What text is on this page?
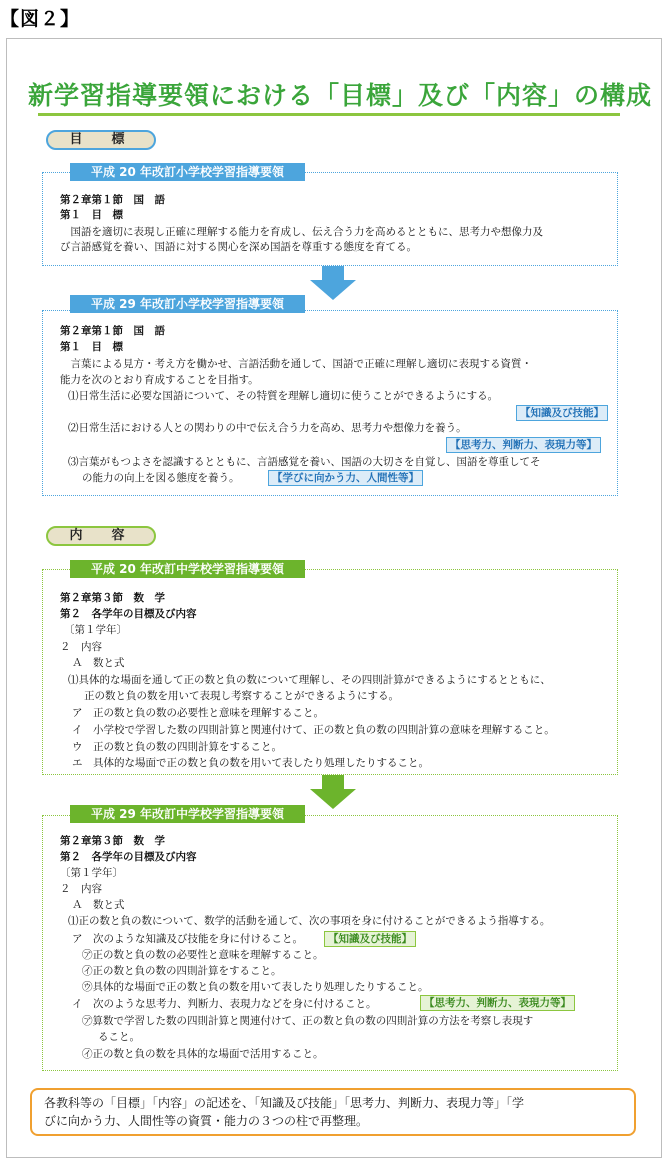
【図２】
新学習指導要領における「目標」及び「内容」の構成
目　標
平成 20 年改訂小学校学習指導要領
第２章第１節　国　語
第１　目　標
　国語を適切に表現し正確に理解する能力を育成し、伝え合う力を高めるとともに、思考力や想像力及
び言語感覚を養い、国語に対する関心を深め国語を尊重する態度を育てる。
平成 29 年改訂小学校学習指導要領
第２章第１節　国　語
第１　目　標
　言葉による見方・考え方を働かせ、言語活動を通して、国語で正確に理解し適切に表現する資質・
能力を次のとおり育成することを目指す。
⑴日常生活に必要な国語について、その特質を理解し適切に使うことができるようにする。
【知識及び技能】
⑵日常生活における人との関わりの中で伝え合う力を高め、思考力や想像力を養う。
【思考力、判断力、表現力等】
⑶言葉がもつよさを認識するとともに、言語感覚を養い、国語の大切さを自覚し、国語を尊重してそ
の能力の向上を図る態度を養う。	【学びに向かう力、人間性等】
内　容
平成 20 年改訂中学校学習指導要領
第２章第３節　数　学
第２　各学年の目標及び内容
〔第１学年〕
２　内容
Ａ　数と式
⑴具体的な場面を通して正の数と負の数について理解し、その四則計算ができるようにするとともに、
正の数と負の数を用いて表現し考察することができるようにする。
ア　正の数と負の数の必要性と意味を理解すること。
イ　小学校で学習した数の四則計算と関連付けて、正の数と負の数の四則計算の意味を理解すること。
ウ　正の数と負の数の四則計算をすること。
エ　具体的な場面で正の数と負の数を用いて表したり処理したりすること。
平成 29 年改訂中学校学習指導要領
第２章第３節　数　学
第２　各学年の目標及び内容
〔第１学年〕
２　内容
Ａ　数と式
⑴正の数と負の数について、数学的活動を通して、次の事項を身に付けることができるよう指導する。
ア　次のような知識及び技能を身に付けること。	【知識及び技能】
㋐正の数と負の数の必要性と意味を理解すること。
㋑正の数と負の数の四則計算をすること。
㋒具体的な場面で正の数と負の数を用いて表したり処理したりすること。
イ　次のような思考力、判断力、表現力などを身に付けること。	【思考力、判断力、表現力等】
㋐算数で学習した数の四則計算と関連付けて、正の数と負の数の四則計算の方法を考察し表現す
ること。
㋑正の数と負の数を具体的な場面で活用すること。
各教科等の「目標」「内容」の記述を、「知識及び技能」「思考力、判断力、表現力等」「学
びに向かう力、人間性等の資質・能力の３つの柱で再整理。
